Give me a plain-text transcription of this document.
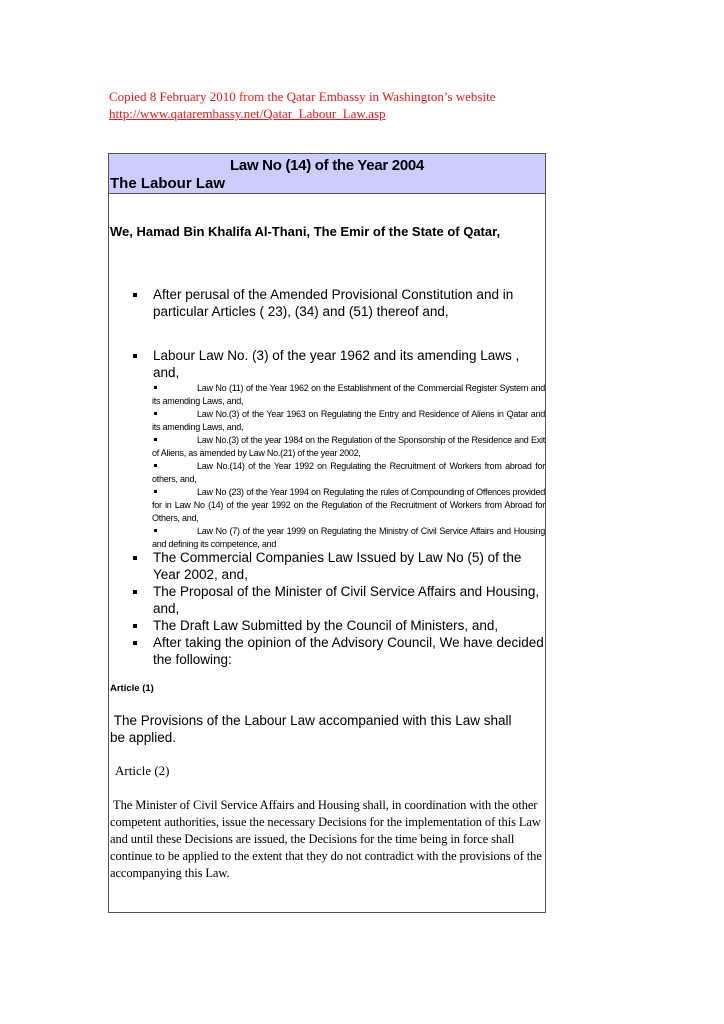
Copied 8 February 2010 from the Qatar Embassy in Washington’s website
http://www.qatarembassy.net/Qatar_Labour_Law.asp
Law No (14) of the Year 2004
The Labour Law
We, Hamad Bin Khalifa Al-Thani, The Emir of the State of Qatar,
After perusal of the Amended Provisional Constitution and in particular Articles ( 23), (34) and (51) thereof and,
Labour Law No. (3) of the year 1962 and its amending Laws , and,
Law No (11) of the Year 1962 on the Establishment of the Commercial Register System and its amending Laws, and,
Law No.(3) of the Year 1963 on Regulating the Entry and Residence of Aliens in Qatar and its amending Laws, and,
Law No.(3) of the year 1984 on the Regulation of the Sponsorship of the Residence and Exit of Aliens, as amended by Law No.(21) of the year 2002,
Law No.(14) of the Year 1992 on Regulating the Recruitment of Workers from abroad for others, and,
Law No (23) of the Year 1994 on Regulating the rules of Compounding of Offences provided for in Law No (14) of the year 1992 on the Regulation of the Recruitment of Workers from Abroad for Others, and,
Law No (7) of the year 1999 on Regulating the Ministry of Civil Service Affairs and Housing and defining its competence, and
The Commercial Companies Law Issued by Law No (5) of the Year 2002, and,
The Proposal of the Minister of Civil Service Affairs and Housing, and,
The Draft Law Submitted by the Council of Ministers, and,
After taking the opinion of the Advisory Council, We have decided the following:
Article (1)
The Provisions of the Labour Law accompanied with this Law shall be applied.
Article (2)
The Minister of Civil Service Affairs and Housing shall, in coordination with the other competent authorities, issue the necessary Decisions for the implementation of this Law and until these Decisions are issued, the Decisions for the time being in force shall continue to be applied to the extent that they do not contradict with the provisions of the accompanying this Law.
